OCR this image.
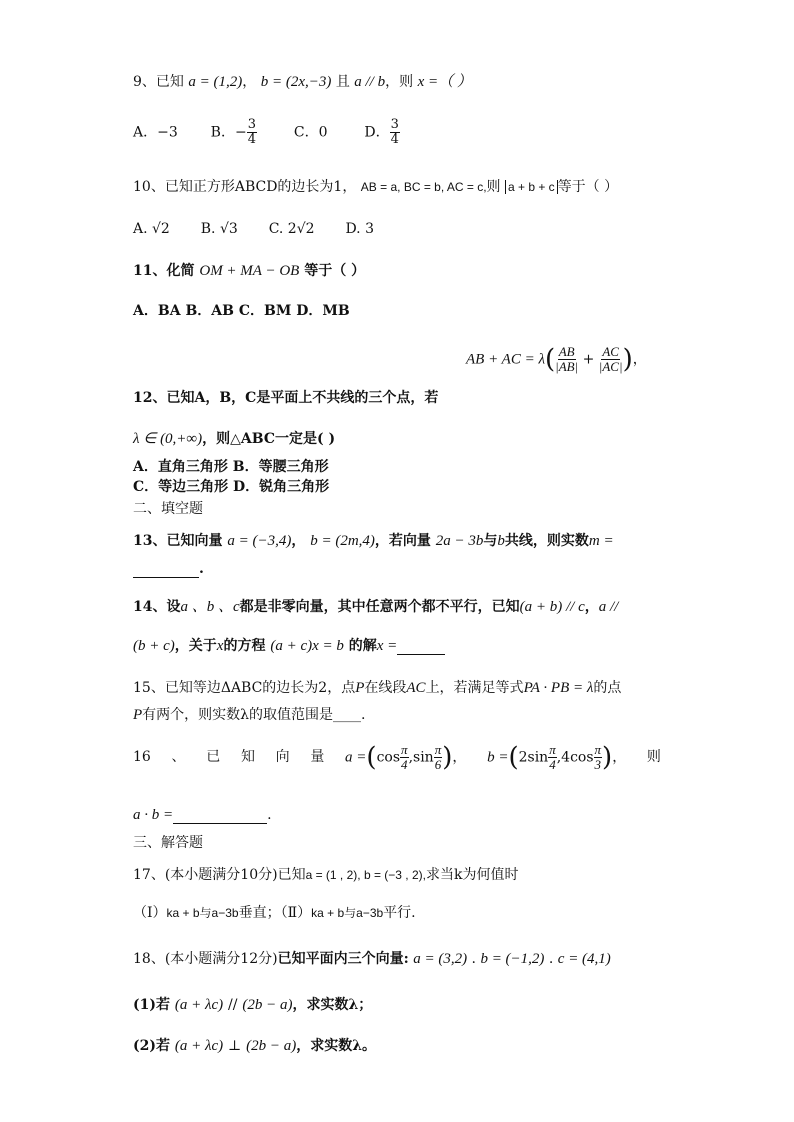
9、已知 a = (1,2)， b = (2x,−3) 且 a // b，则 x =（ ）
A．−3 B．− $\frac{3}{4}$	C．0	D． $\frac{3}{4}$
10、已知正方形ABCD的边长为1， AB = a, BC = b, AC = c,则 a + b + c 等于（ ）
A. √2 B. √3 C. 2√2 D. 3
11、化简 OM + MA − OB 等于（ ）
A．BA B．AB C．BM D．MB
AB + AC = $\lambda( \frac{AB}{|AB|} + \frac{AC}{|AC|}$ )，
12、已知A，B，C是平面上不共线的三个点，若
λ ∈ (0,+∞)，则△ABC一定是( )
A．直角三角形 B．等腰三角形
C．等边三角形 D．锐角三角形
二、填空题
13、已知向量 a = (−3,4)， b = (2m,4)，若向量 2a − 3b与b共线，则实数m =
.
14、设a 、b 、c都是非零向量，其中任意两个都不平行，已知(a + b) // c，a //
(b + c)，关于x的方程 (a + c)x = b 的解x =
15、已知等边ΔABC的边长为2，点P在线段AC上，若满足等式PA · PB = λ的点
P有两个，则实数λ的取值范围是____.
16 、 已 知 向 量 $a =(\cos \frac{\pi}{4} ,\sin \frac{\pi}{6}$ )， $b =(2\sin \frac{\pi}{4} ,4\cos \frac{\pi}{3}$ )， 则
a · b =	.
三、解答题
17、(本小题满分10分)已知a = (1 , 2), b = (−3 , 2),求当k为何值时
（Ⅰ）ka + b与a−3b垂直；（Ⅱ）ka + b与a−3b平行.
18、(本小题满分12分)已知平面内三个向量: a = (3,2) . b = (−1,2) . c = (4,1)
(1)若 (a + λc) // (2b − a)，求实数λ；
(2)若 (a + λc) ⊥ (2b − a)，求实数λ。
